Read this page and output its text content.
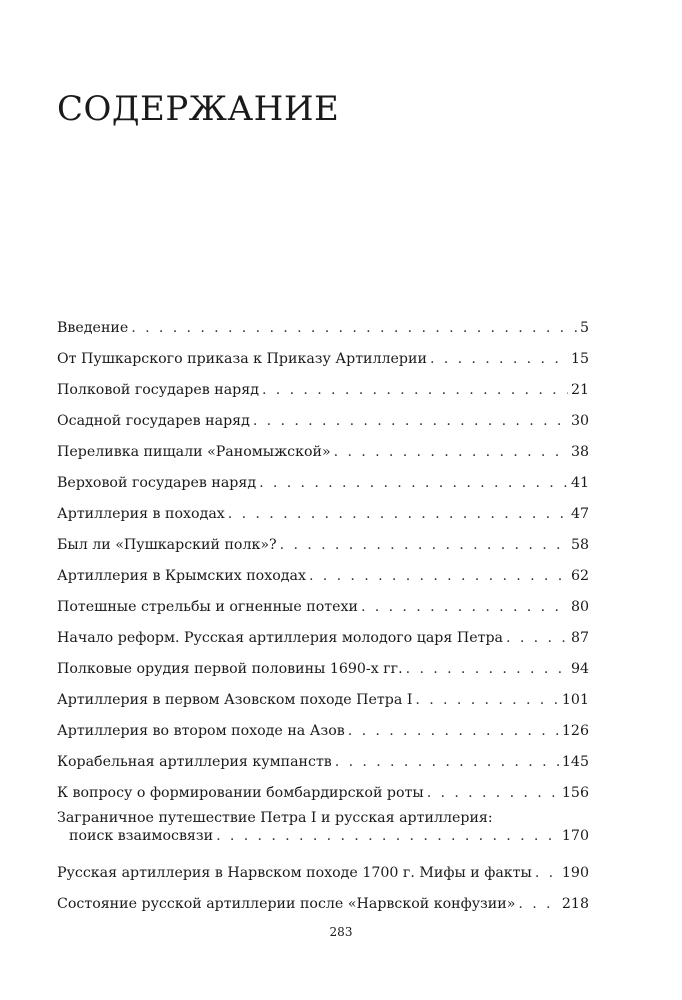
СОДЕРЖАНИЕ
Введение . . .	5
От Пушкарского приказа к Приказу Артиллерии . . .	15
Полковой государев наряд . . .	21
Осадной государев наряд . . .	30
Переливка пищали «Раномыжской» . . .	38
Верховой государев наряд . . .	41
Артиллерия в походах . . .	47
Был ли «Пушкарский полк»? . . .	58
Артиллерия в Крымских походах . . .	62
Потешные стрельбы и огненные потехи . . .	80
Начало реформ. Русская артиллерия молодого царя Петра . . .	87
Полковые орудия первой половины 1690-х гг. . . .	94
Артиллерия в первом Азовском походе Петра I . . .	101
Артиллерия во втором походе на Азов . . .	126
Корабельная артиллерия кумпанств . . .	145
К вопросу о формировании бомбардирской роты . . .	156
Заграничное путешествие Петра I и русская артиллерия:
поиск взаимосвязи . . .	170
Русская артиллерия в Нарвском походе 1700 г. Мифы и факты . . . 190
Состояние русской артиллерии после «Нарвской конфузии» . . .	218
283
